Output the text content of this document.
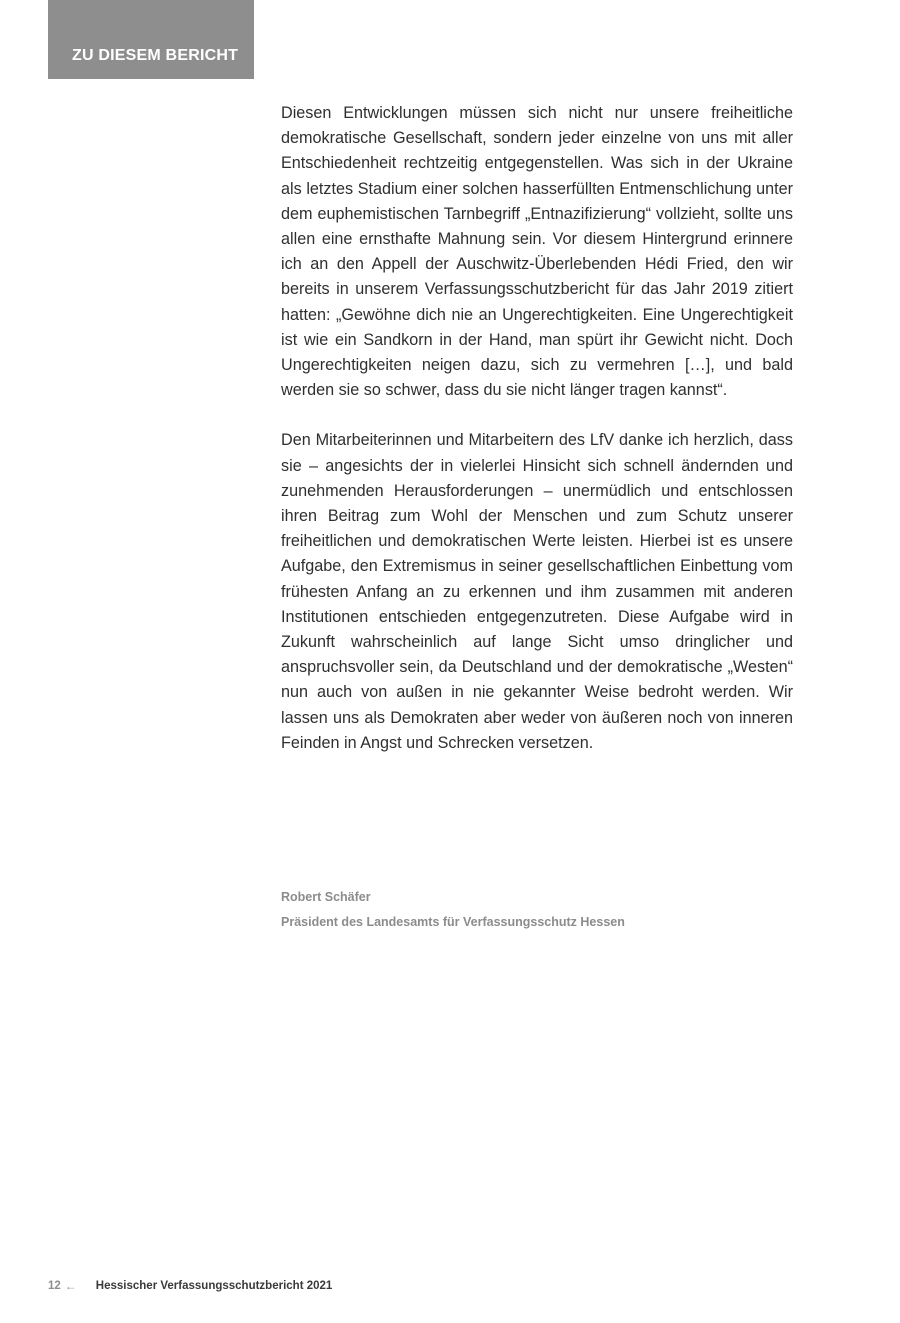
ZU DIESEM BERICHT

Diesen Entwicklungen müssen sich nicht nur unsere freiheitliche demokratische Gesellschaft, sondern jeder einzelne von uns mit aller Entschiedenheit rechtzeitig entgegenstellen. Was sich in der Ukraine als letztes Stadium einer solchen hasserfüllten Entmenschlichung unter dem euphemistischen Tarnbegriff „Entnazifizierung“ vollzieht, sollte uns allen eine ernsthafte Mahnung sein. Vor diesem Hintergrund erinnere ich an den Appell der Auschwitz-Überlebenden Hédi Fried, den wir bereits in unserem Verfassungsschutzbericht für das Jahr 2019 zitiert hatten: „Gewöhne dich nie an Ungerechtigkeiten. Eine Ungerechtigkeit ist wie ein Sandkorn in der Hand, man spürt ihr Gewicht nicht. Doch Ungerechtigkeiten neigen dazu, sich zu vermehren […], und bald werden sie so schwer, dass du sie nicht länger tragen kannst“.

Den Mitarbeiterinnen und Mitarbeitern des LfV danke ich herzlich, dass sie – angesichts der in vielerlei Hinsicht sich schnell ändernden und zunehmenden Herausforderungen – unermüdlich und entschlossen ihren Beitrag zum Wohl der Menschen und zum Schutz unserer freiheitlichen und demokratischen Werte leisten. Hierbei ist es unsere Aufgabe, den Extremismus in seiner gesellschaftlichen Einbettung vom frühesten Anfang an zu erkennen und ihm zusammen mit anderen Institutionen entschieden entgegenzutreten. Diese Aufgabe wird in Zukunft wahrscheinlich auf lange Sicht umso dringlicher und anspruchsvoller sein, da Deutschland und der demokratische „Westen“ nun auch von außen in nie gekannter Weise bedroht werden. Wir lassen uns als Demokraten aber weder von äußeren noch von inneren Feinden in Angst und Schrecken versetzen.

Robert Schäfer
Präsident des Landesamts für Verfassungsschutz Hessen
12 ← Hessischer Verfassungsschutzbericht 2021
